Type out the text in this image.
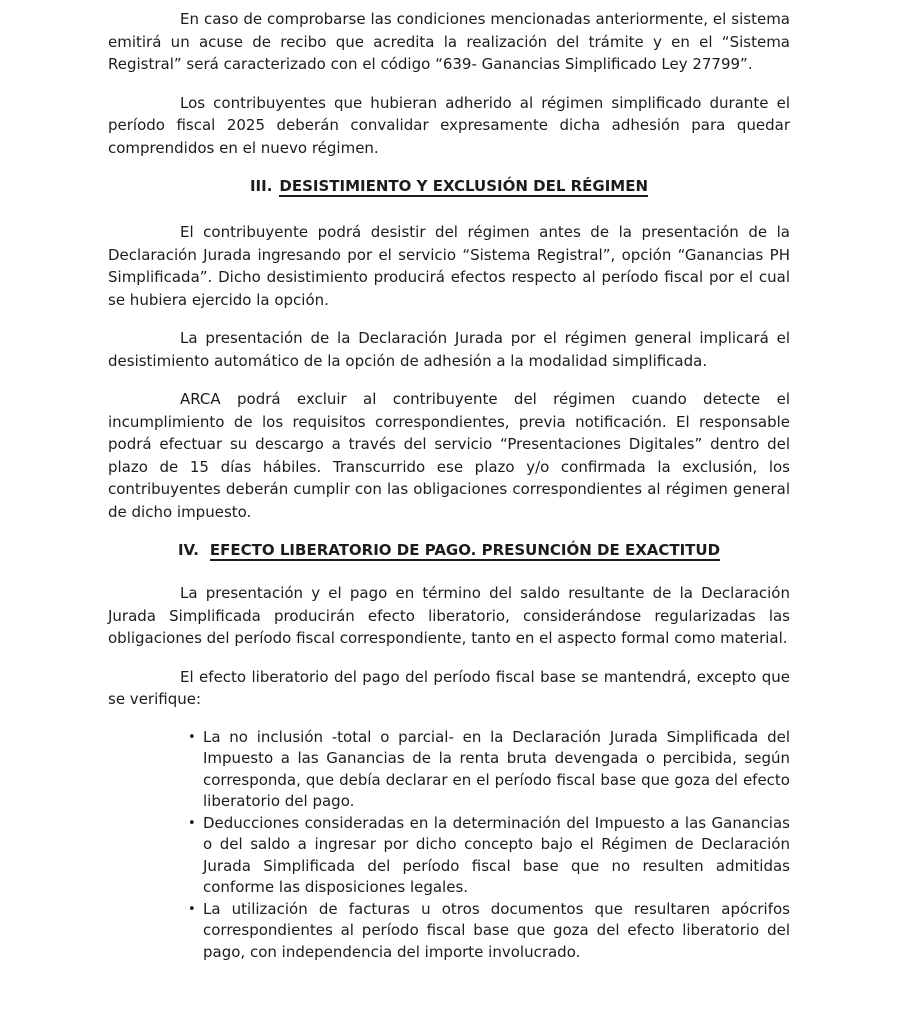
En caso de comprobarse las condiciones mencionadas anteriormente, el sistema emitirá un acuse de recibo que acredita la realización del trámite y en el “Sistema Registral” será caracterizado con el código “639- Ganancias Simplificado Ley 27799”.

Los contribuyentes que hubieran adherido al régimen simplificado durante el período fiscal 2025 deberán convalidar expresamente dicha adhesión para quedar comprendidos en el nuevo régimen.

III. DESISTIMIENTO Y EXCLUSIÓN DEL RÉGIMEN

El contribuyente podrá desistir del régimen antes de la presentación de la Declaración Jurada ingresando por el servicio “Sistema Registral”, opción “Ganancias PH Simplificada”. Dicho desistimiento producirá efectos respecto al período fiscal por el cual se hubiera ejercido la opción.

La presentación de la Declaración Jurada por el régimen general implicará el desistimiento automático de la opción de adhesión a la modalidad simplificada.

ARCA podrá excluir al contribuyente del régimen cuando detecte el incumplimiento de los requisitos correspondientes, previa notificación. El responsable podrá efectuar su descargo a través del servicio “Presentaciones Digitales” dentro del plazo de 15 días hábiles. Transcurrido ese plazo y/o confirmada la exclusión, los contribuyentes deberán cumplir con las obligaciones correspondientes al régimen general de dicho impuesto.

IV. EFECTO LIBERATORIO DE PAGO. PRESUNCIÓN DE EXACTITUD

La presentación y el pago en término del saldo resultante de la Declaración Jurada Simplificada producirán efecto liberatorio, considerándose regularizadas las obligaciones del período fiscal correspondiente, tanto en el aspecto formal como material.

El efecto liberatorio del pago del período fiscal base se mantendrá, excepto que se verifique:

• La no inclusión -total o parcial- en la Declaración Jurada Simplificada del Impuesto a las Ganancias de la renta bruta devengada o percibida, según corresponda, que debía declarar en el período fiscal base que goza del efecto liberatorio del pago.
• Deducciones consideradas en la determinación del Impuesto a las Ganancias o del saldo a ingresar por dicho concepto bajo el Régimen de Declaración Jurada Simplificada del período fiscal base que no resulten admitidas conforme las disposiciones legales.
• La utilización de facturas u otros documentos que resultaren apócrifos correspondientes al período fiscal base que goza del efecto liberatorio del pago, con independencia del importe involucrado.
